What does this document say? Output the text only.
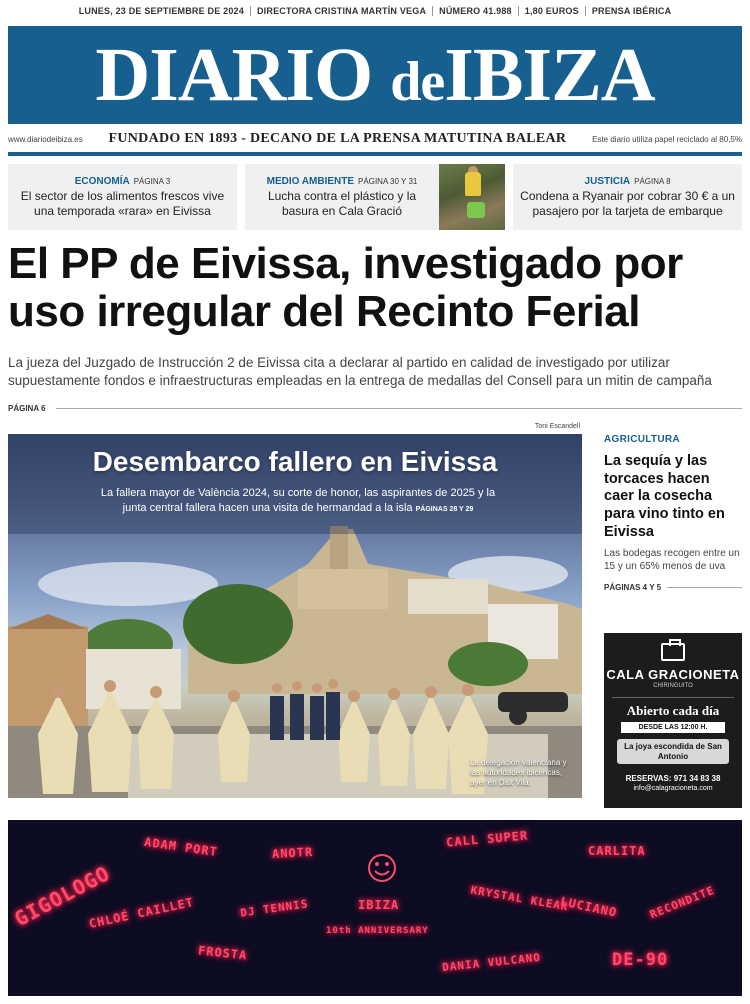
LUNES, 23 DE SEPTIEMBRE DE 2024 DIRECTORA CRISTINA MARTÍN VEGA NÚMERO 41.988 1,80 EUROS PRENSA IBÉRICA
DIARIO deIBIZA
www.diariodeibiza.es FUNDADO EN 1893 - DECANO DE LA PRENSA MATUTINA BALEAR	Este diario utiliza papel reciclado al 80,5%
ECONOMÍA PÁGINA 3
El sector de los alimentos frescos vive una temporada «rara» en Eivissa
MEDIO AMBIENTE PÁGINA 30 Y 31
Lucha contra el plástico y la basura en Cala Gració
JUSTICIA PÁGINA 8
Condena a Ryanair por cobrar 30 € a un pasajero por la tarjeta de embarque
El PP de Eivissa, investigado por uso irregular del Recinto Ferial

La jueza del Juzgado de Instrucción 2 de Eivissa cita a declarar al partido en calidad de investigado por utilizar supuestamente fondos e infraestructuras empleadas en la entrega de medallas del Consell para un mitin de campaña

PÁGINA 6
Toni Escandell
Desembarco fallero en Eivissa
La fallera mayor de València 2024, su corte de honor, las aspirantes de 2025 y la junta central fallera hacen una visita de hermandad a la isla PÁGINAS 28 Y 29
La delegación valenciana y las autoridades ibicencas, ayer en Dalt Vila.
AGRICULTURA
La sequía y las torcaces hacen caer la cosecha para vino tinto en Eivissa
Las bodegas recogen entre un 15 y un 65% menos de uva
PÁGINAS 4 Y 5
CALA GRACIONETA
CHIRINGUITO
Abierto cada día
DESDE LAS 12:00 H.
La joya escondida de San Antonio
RESERVAS: 971 34 83 38
info@calagracioneta.com
ADAM PORT	ANOTR
CALL SUPER
CARLITA
DJ TENNIS	IBIZA	KRYSTAL KLEAR
LUCIANO	RECONDITE
CHLOÉ CAILLET
FROSTA	DANIA VULCANO	DE-90
GIGOLOGO	10th ANNIVERSARY
